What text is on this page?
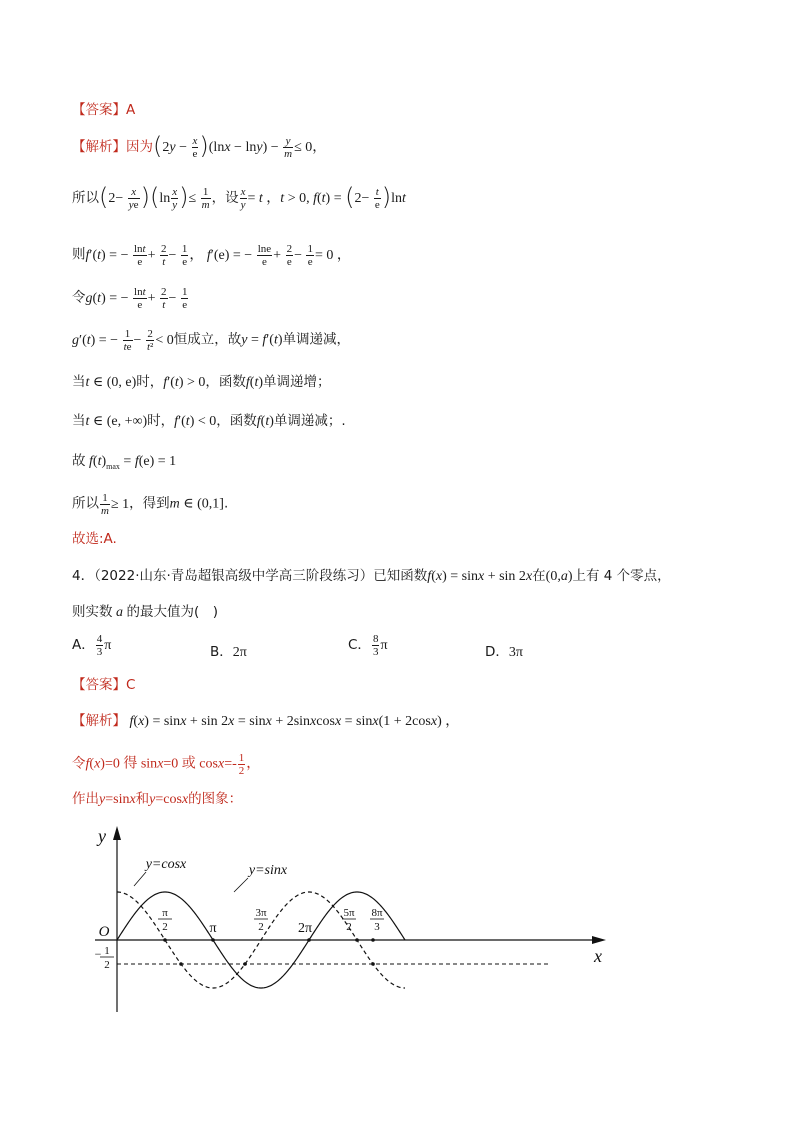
【答案】A
【解析】因为$(2y - \frac{x}{e} )(\ln x - \ln y) - \frac{y}{m} \le 0$，
所以$(2- \frac{x}{ye} )(\ln \frac{x}{y}$ )≤ $\frac{1}{m}$ ，设 $\frac{x}{y} = t$ ，t > 0, $f(t) = (2- \frac{t}{e} )\ln t$
则f′(t) = − $\frac{\ln t}{e} + \frac{2}{t} - \frac{1}{e}$ ， f′(e) = − $\frac{\ln e}{e} + \frac{2}{e} - \frac{1}{e} = 0$ ，
令g(t) = − $\frac{\ln t}{e} + \frac{2}{t} - \frac{1}{e}$
g′(t) = − $\frac{1}{te} - \frac{2}{\text{t²}} < 0$恒成立，故y = f′(t)单调递减，
当t ∈ (0, e)时，f′(t) > 0，函数f(t)单调递增；
当t ∈ (e, +∞)时，f′(t) < 0，函数f(t)单调递减；.
故 $f(t)_{max} = f(e) = 1$
所以 $\frac{1}{m} \ge 1$，得到m ∈ (0,1].
故选:A.
4．（2022·山东·青岛超银高级中学高三阶段练习）已知函数f(x) = sinx + sin 2x在(0,a)上有 4 个零点，
则实数 a 的最大值为(　)
A． $\frac{4}{3}$ π	B．2π	C． $\frac{8}{3}$ π	D．3π
【答案】C
【解析】 f(x) = sinx + sin 2x = sinx + 2sinxcosx = sinx(1 + 2cosx) ，
令f(x)=0 得 sinx=0 或 $\cos x=- \frac{1}{2}$ ，
作出y=sinx和y=cosx的图象：
y
x
O
y=cosx	y=sinx
π
2	π
3π
2 2π
5π
2
8π
3
− 1
2
